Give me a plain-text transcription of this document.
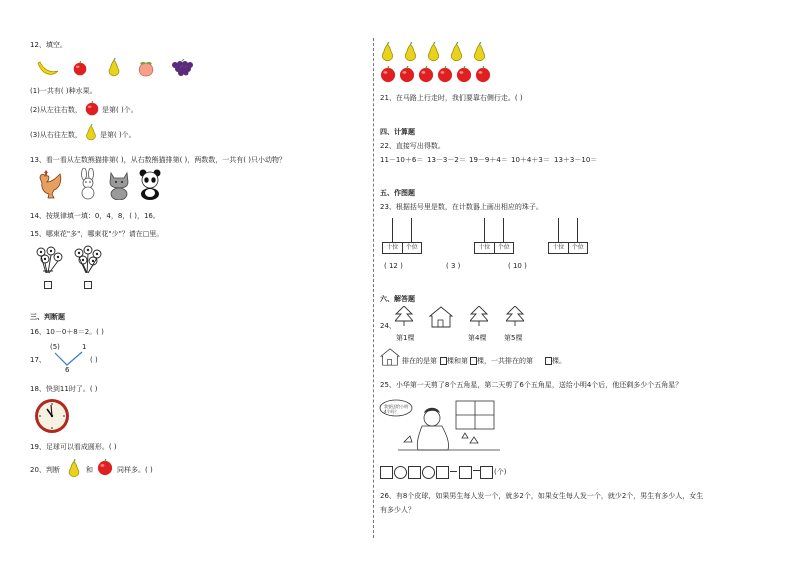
12、填空。
(1)一共有( )种水果。
(2)从左往右数，	是第( )个。
(3)从右往左数，	是第( )个。
13、看一看从左数熊猫排第( )，从右数熊猫排第( )，两数数，一共有( )只小动物？
14、按规律填一填：0，4，8，( )，16。
15、哪束花"多"，哪束花"少"？请在□里。
三、判断题
16、10－0＋8＝2。( )
17、
(5)	1
6
( )
18、快到11时了。( )
19、足球可以看成圆形。( )
20、判断	和	同样多。( )
21、在马路上行走时，我们要靠右侧行走。( )
四、计算题
22、直接写出得数。
11－10＋6＝ 13－3－2＝ 19－9＋4＝ 10＋4＋3＝ 13＋3－10＝
五、作图题
23、根据括号里是数，在计数器上画出相应的珠子。
十位	个位
( 12 )
十位	个位
( 3 )
十位	个位
( 10 )
六、解答题
24、
第1棵	第4棵	第5棵
排在的是第 棵和第 棵，一共排在的第	棵。
25、小华第一天剪了8个五角星，第二天剪了6个五角星，送给小明4个后，他还剩多少个五角星？
我要送给小明4个吗？
(个)
26、有8个皮球，如果男生每人发一个，就多2个，如果女生每人发一个，就少2个，男生有多少人，女生
有多少人？
